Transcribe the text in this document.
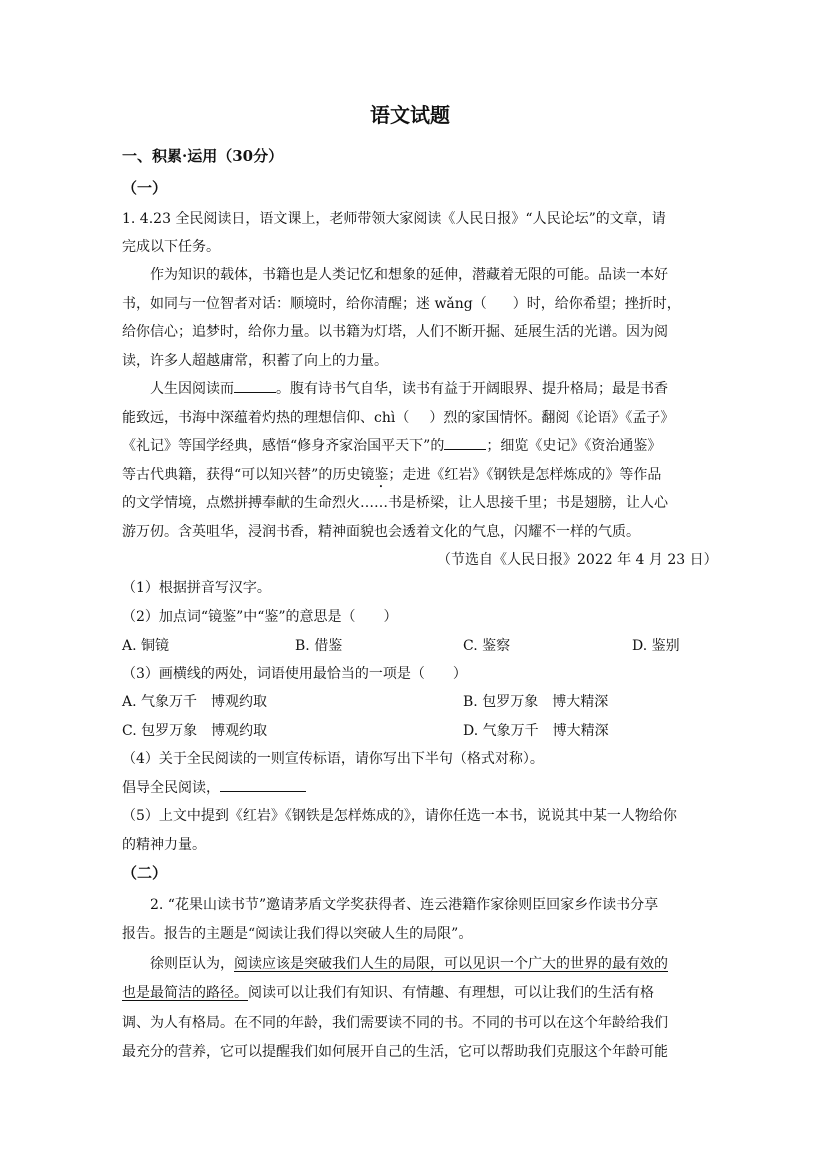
语文试题
一、积累·运用（30分）
（一）
1. 4.23 全民阅读日，语文课上，老师带领大家阅读《人民日报》“人民论坛”的文章，请
完成以下任务。
作为知识的载体，书籍也是人类记忆和想象的延伸，潜藏着无限的可能。品读一本好
书，如同与一位智者对话：顺境时，给你清醒；迷 wǎng（ ）时，给你希望；挫折时，
给你信心；追梦时，给你力量。以书籍为灯塔，人们不断开掘、延展生活的光谱。因为阅
读，许多人超越庸常，积蓄了向上的力量。
人生因阅读而	。腹有诗书气自华，读书有益于开阔眼界、提升格局；最是书香
能致远，书海中深蕴着灼热的理想信仰、chì（ ）烈的家国情怀。翻阅《论语》《孟子》
《礼记》等国学经典，感悟“修身齐家治国平天下”的	；细览《史记》《资治通鉴》
等古代典籍，获得“可以知兴替”的历史镜鉴；走进《红岩》《钢铁是怎样炼成的》等作品
的文学情境，点燃拼搏奉献的生命烈火……书是桥梁，让人思接千里；书是翅膀，让人心
游万仞。含英咀华，浸润书香，精神面貌也会透着文化的气息，闪耀不一样的气质。
（节选自《人民日报》2022 年 4 月 23 日）
（1）根据拼音写汉字。
（2）加点词“镜鉴”中“鉴”的意思是（　　）
A. 铜镜	B. 借鉴	C. 鉴察	D. 鉴别
（3）画横线的两处，词语使用最恰当的一项是（　　）
A. 气象万千　博观约取	B. 包罗万象　博大精深
C. 包罗万象　博观约取	D. 气象万千　博大精深
（4）关于全民阅读的一则宣传标语，请你写出下半句（格式对称）。
倡导全民阅读，
（5）上文中提到《红岩》《钢铁是怎样炼成的》，请你任选一本书，说说其中某一人物给你
的精神力量。
（二）
2. “花果山读书节”邀请茅盾文学奖获得者、连云港籍作家徐则臣回家乡作读书分享
报告。报告的主题是“阅读让我们得以突破人生的局限”。
徐则臣认为，阅读应该是突破我们人生的局限，可以见识一个广大的世界的最有效的
也是最简洁的路径。阅读可以让我们有知识、有情趣、有理想，可以让我们的生活有格
调、为人有格局。在不同的年龄，我们需要读不同的书。不同的书可以在这个年龄给我们
最充分的营养，它可以提醒我们如何展开自己的生活，它可以帮助我们克服这个年龄可能
